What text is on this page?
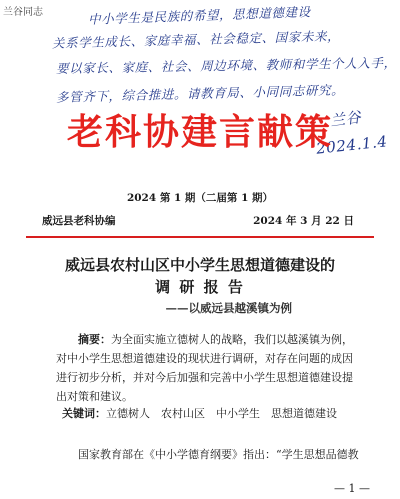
兰谷同志	中小学生是民族的希望，思想道德建设
关系学生成长、家庭幸福、社会稳定、国家未来，
要以家长、家庭、社会、周边环境、教师和学生个人入手，
多管齐下，综合推进。请教育局、小同同志研究。
兰谷
2024.1.4
老科协建言献策
2024 第 1 期（二届第 1 期）
威远县老科协编	2024 年 3 月 22 日
威远县农村山区中小学生思想道德建设的
调 研 报 告
——以威远县越溪镇为例
摘要：为全面实施立德树人的战略，我们以越溪镇为例，对中小学生思想道德建设的现状进行调研，对存在问题的成因进行初步分析，并对今后加强和完善中小学生思想道德建设提出对策和建议。
关键词：立德树人　农村山区　中小学生　思想道德建设
国家教育部在《中小学德育纲要》指出：“学生思想品德教
— 1 —
